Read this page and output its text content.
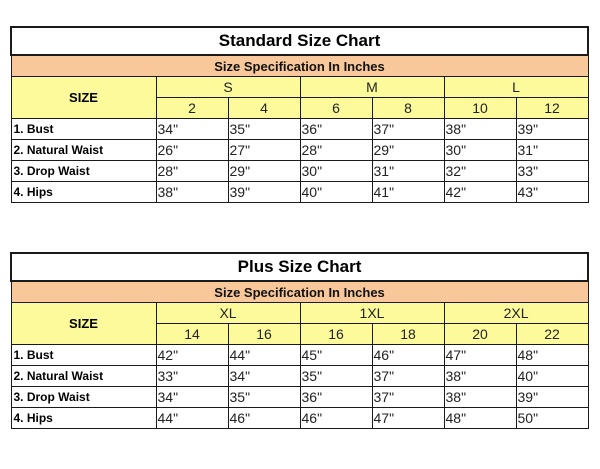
Standard Size Chart						
Size Specification In Inches						
SIZE	S		M		L	
	2	4	6	8	10	12
1. Bust	34"	35"	36"	37"	38"	39"
2. Natural Waist	26"	27"	28"	29"	30"	31"
3. Drop Waist	28"	29"	30"	31"	32"	33"
4. Hips	38"	39"	40"	41"	42"	43"
Plus Size Chart						
Size Specification In Inches						
SIZE	XL		1XL		2XL	
	14	16	16	18	20	22
1. Bust	42"	44"	45"	46"	47"	48"
2. Natural Waist	33"	34"	35"	37"	38"	40"
3. Drop Waist	34"	35"	36"	37"	38"	39"
4. Hips	44"	46"	46"	47"	48"	50"
